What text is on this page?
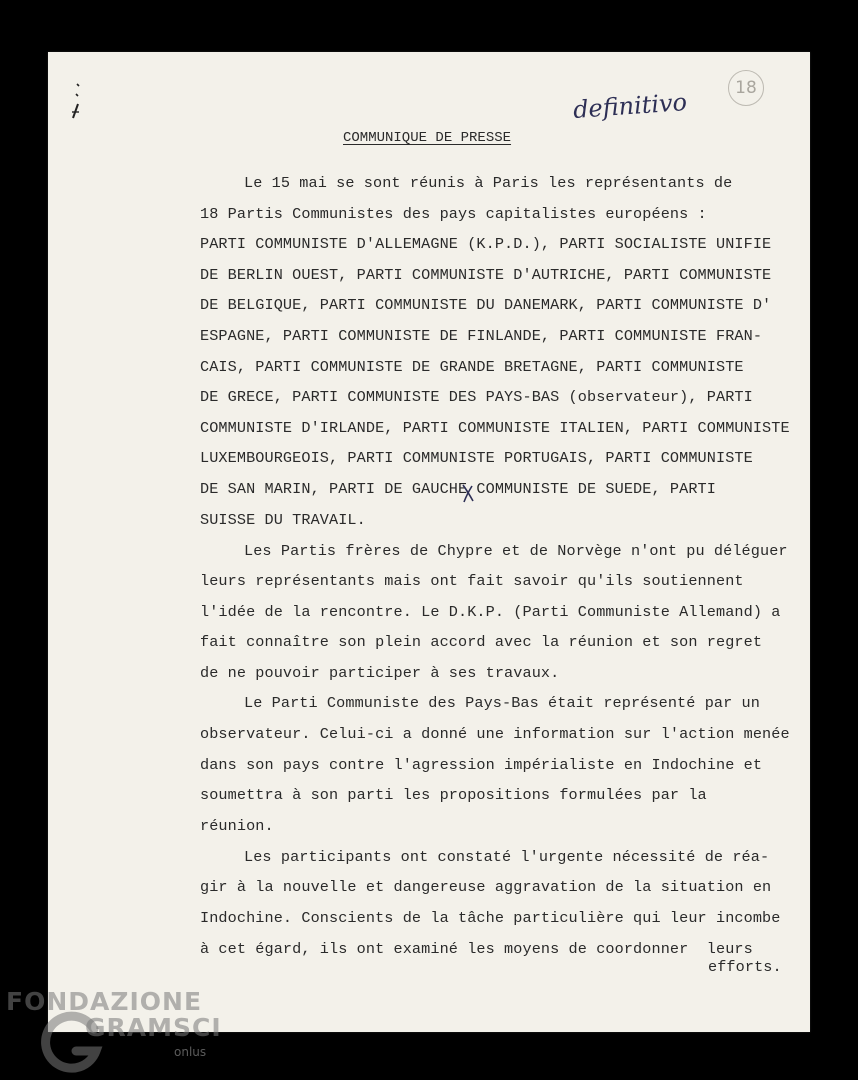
definitivo
18
COMMUNIQUE DE PRESSE
Le 15 mai se sont réunis à Paris les représentants de
18 Partis Communistes des pays capitalistes européens :
PARTI COMMUNISTE D'ALLEMAGNE (K.P.D.), PARTI SOCIALISTE UNIFIE
DE BERLIN OUEST, PARTI COMMUNISTE D'AUTRICHE, PARTI COMMUNISTE
DE BELGIQUE, PARTI COMMUNISTE DU DANEMARK, PARTI COMMUNISTE D'
ESPAGNE, PARTI COMMUNISTE DE FINLANDE, PARTI COMMUNISTE FRAN-
CAIS, PARTI COMMUNISTE DE GRANDE BRETAGNE, PARTI COMMUNISTE
DE GRECE, PARTI COMMUNISTE DES PAYS-BAS (observateur), PARTI
COMMUNISTE D'IRLANDE, PARTI COMMUNISTE ITALIEN, PARTI COMMUNISTE
LUXEMBOURGEOIS, PARTI COMMUNISTE PORTUGAIS, PARTI COMMUNISTE
DE SAN MARIN, PARTI DE GAUCHE COMMUNISTE DE SUEDE, PARTI
SUISSE DU TRAVAIL.
Les Partis frères de Chypre et de Norvège n'ont pu déléguer
leurs représentants mais ont fait savoir qu'ils soutiennent
l'idée de la rencontre. Le D.K.P. (Parti Communiste Allemand) a
fait connaître son plein accord avec la réunion et son regret
de ne pouvoir participer à ses travaux.
Le Parti Communiste des Pays-Bas était représenté par un
observateur. Celui-ci a donné une information sur l'action menée
dans son pays contre l'agression impérialiste en Indochine et
soumettra à son parti les propositions formulées par la
réunion.
Les participants ont constaté l'urgente nécessité de réa-
gir à la nouvelle et dangereuse aggravation de la situation en
Indochine. Conscients de la tâche particulière qui leur incombe
à cet égard, ils ont examiné les moyens de coordonner  leurs
efforts.
FONDAZIONE
GRAMSCI
onlus
